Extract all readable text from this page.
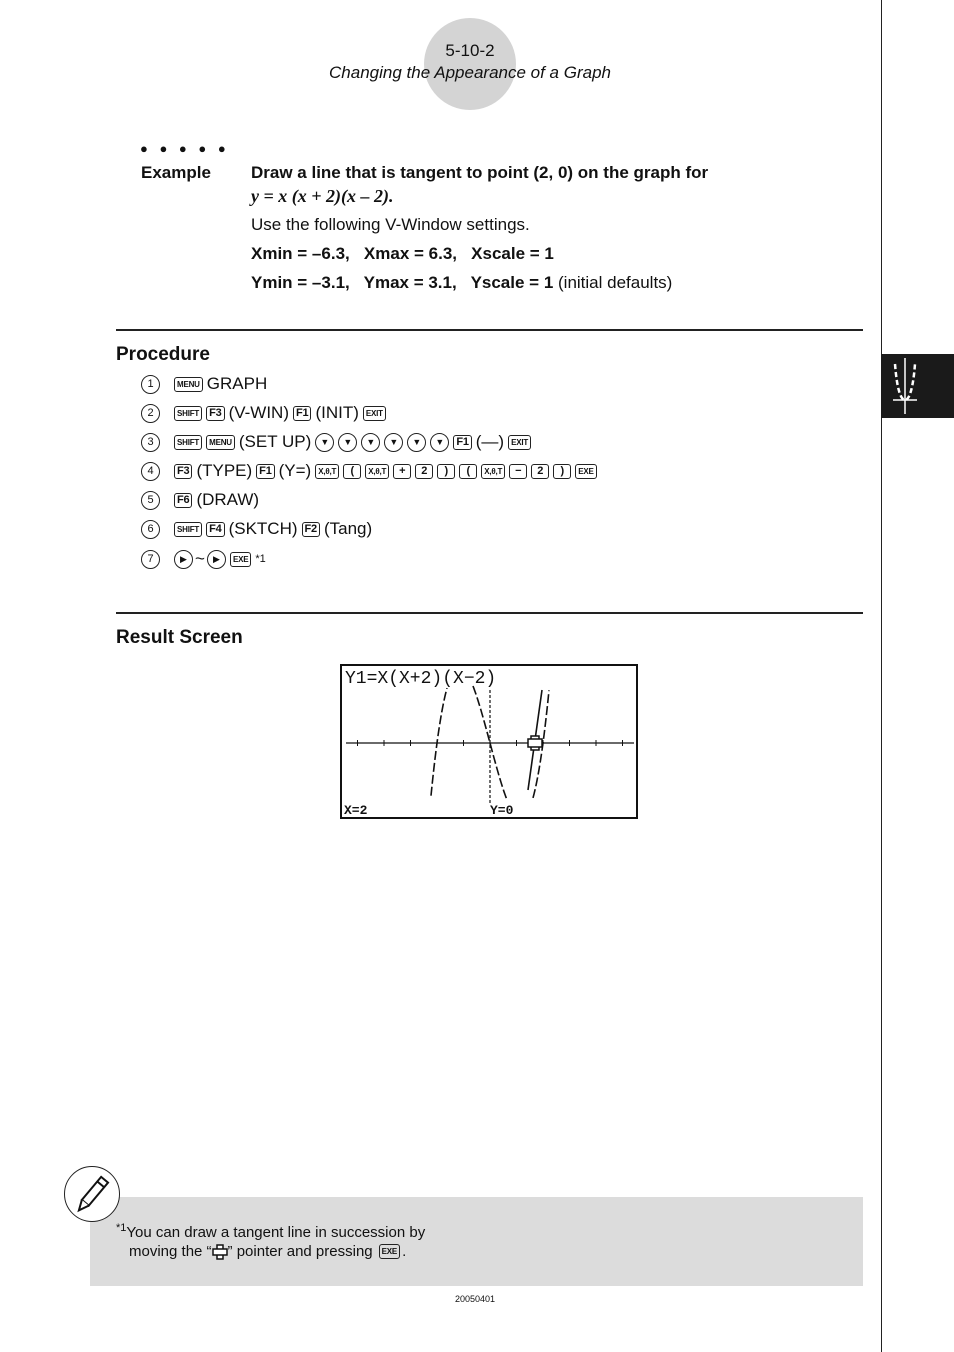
5-10-2
Changing the Appearance of a Graph
● ● ● ● ●
Example Draw a line that is tangent to point (2, 0) on the graph for
y = x (x + 2)(x – 2).
Use the following V-Window settings.
Xmin = –6.3,   Xmax = 6.3,   Xscale = 1
Ymin = –3.1,   Ymax = 3.1,   Yscale = 1 (initial defaults)
Procedure
1	MENU GRAPH
2	SHIFT F3 (V-WIN) F1 (INIT) EXIT
3	SHIFT	MENU (SET UP)	▼	▼	▼	▼	▼	▼	F1 (—) EXIT
4	F3 (TYPE) F1 (Y=) X,θ,T	(	X,θ,T	+	2	)	(	X,θ,T	−	2	)	EXE
5	F6 (DRAW)
6	SHIFT F4 (SKTCH) F2 (Tang)
7	▶ ~ ▶	EXE *1
Result Screen
Y1=X(X+2)(X−2)
X=2	Y=0
$^{*1}$You can draw a tangent line in succession by
moving the “ ” pointer and pressing	EXE .
20050401
